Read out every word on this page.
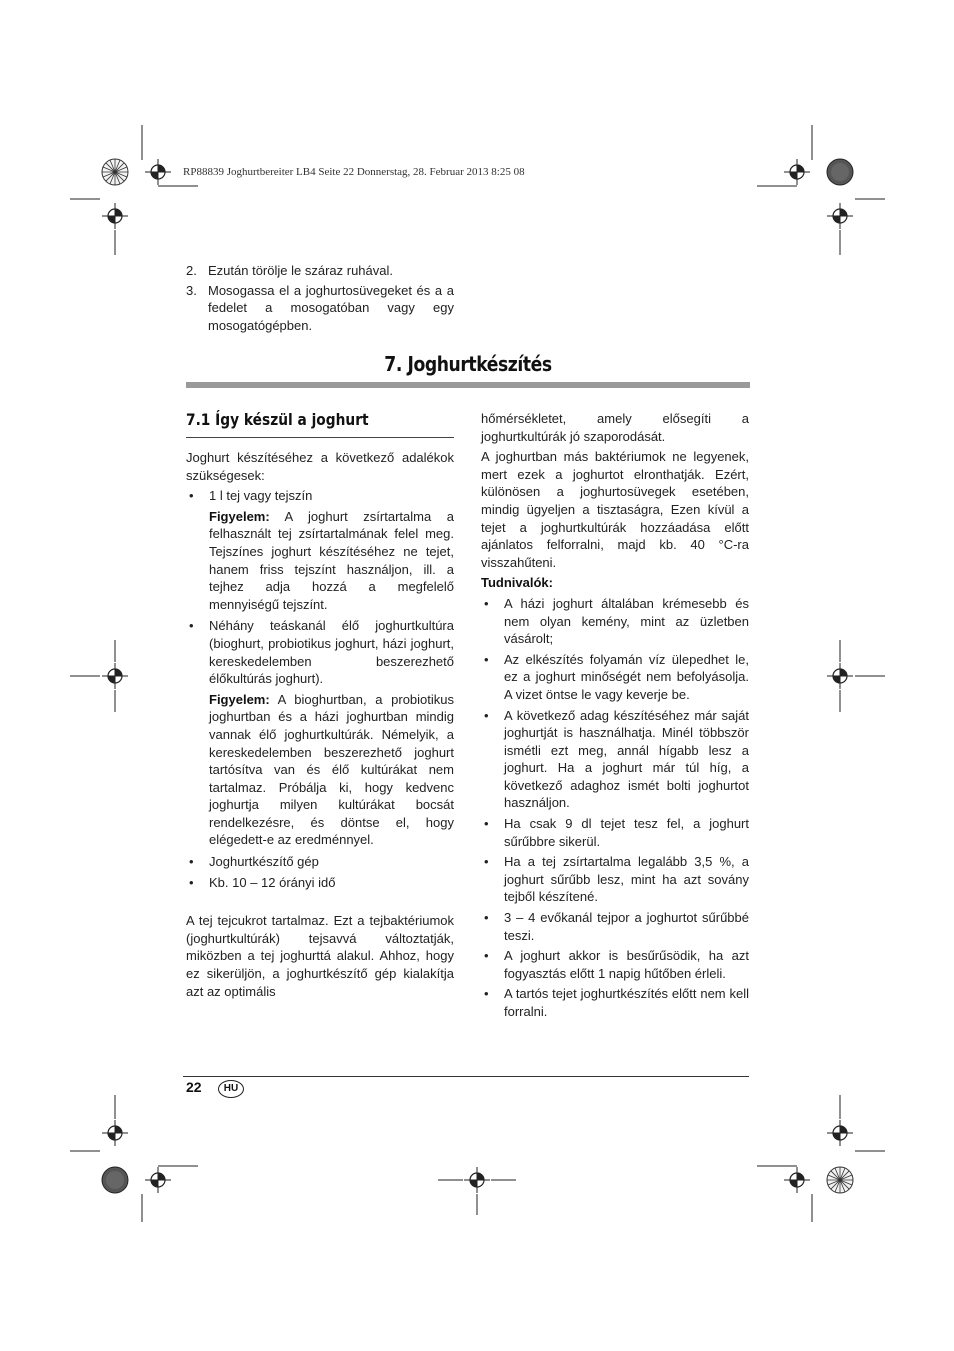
RP88839 Joghurtbereiter LB4 Seite 22 Donnerstag, 28. Februar 2013 8:25 08
2. Ezután törölje le száraz ruhával.
3. Mosogassa el a joghurtosüvegeket és a a fedelet a mosogatóban vagy egy mosogatógépben.
7. Joghurtkészítés
7.1 Így készül a joghurt

Joghurt készítéséhez a következő adalékok szükségesek:

•	1 l tej vagy tejszín
Figyelem: A joghurt zsírtartalma a felhasznált tej zsírtartalmának felel meg. Tejszínes joghurt készítéséhez ne tejet, hanem friss tejszínt használjon, ill. a tejhez adja hozzá a megfelelő mennyiségű tejszínt.
•	Néhány teáskanál élő joghurtkultúra (bioghurt, probiotikus joghurt, házi joghurt, kereskedelemben beszerezhető élőkultúrás joghurt).
Figyelem: A bioghurtban, a probiotikus joghurtban és a házi joghurtban mindig vannak élő joghurtkultúrák. Némelyik, a kereskedelemben beszerezhető joghurt tartósítva van és élő kultúrákat nem tartalmaz. Próbálja ki, hogy kedvenc joghurtja milyen kultúrákat bocsát rendelkezésre, és döntse el, hogy elégedett-e az eredménnyel.
•	Joghurtkészítő gép
•	Kb. 10 – 12 órányi idő

A tej tejcukrot tartalmaz. Ezt a tejbaktériumok (joghurtkultúrák) tejsavvá változtatják, miközben a tej joghurttá alakul. Ahhoz, hogy ez sikerüljön, a joghurtkészítő gép kialakítja azt az optimális

hőmérsékletet, amely elősegíti a joghurtkultúrák jó szaporodását.

A joghurtban más baktériumok ne legyenek, mert ezek a joghurtot elronthatják. Ezért, különösen a joghurtosüvegek esetében, mindig ügyeljen a tisztaságra, Ezen kívül a tejet a joghurtkultúrák hozzáadása előtt ajánlatos felforralni, majd kb. 40 °C-ra visszahűteni.

Tudnivalók:

•	A házi joghurt általában krémesebb és nem olyan kemény, mint az üzletben vásárolt;
•	Az elkészítés folyamán víz ülepedhet le, ez a joghurt minőségét nem befolyásolja. A vizet öntse le vagy keverje be.
•	A következő adag készítéséhez már saját joghurtját is használhatja. Minél többször ismétli ezt meg, annál hígabb lesz a joghurt. Ha a joghurt már túl híg, a következő adaghoz ismét bolti joghurtot használjon.
•	Ha csak 9 dl tejet tesz fel, a joghurt sűrűbbre sikerül.
•	Ha a tej zsírtartalma legalább 3,5 %, a joghurt sűrűbb lesz, mint ha azt sovány tejből készítené.
•	3 – 4 evőkanál tejpor a joghurtot sűrűbbé teszi.
•	A joghurt akkor is besűrűsödik, ha azt fogyasztás előtt 1 napig hűtőben érleli.
•	A tartós tejet joghurtkészítés előtt nem kell forralni.
22	HU
